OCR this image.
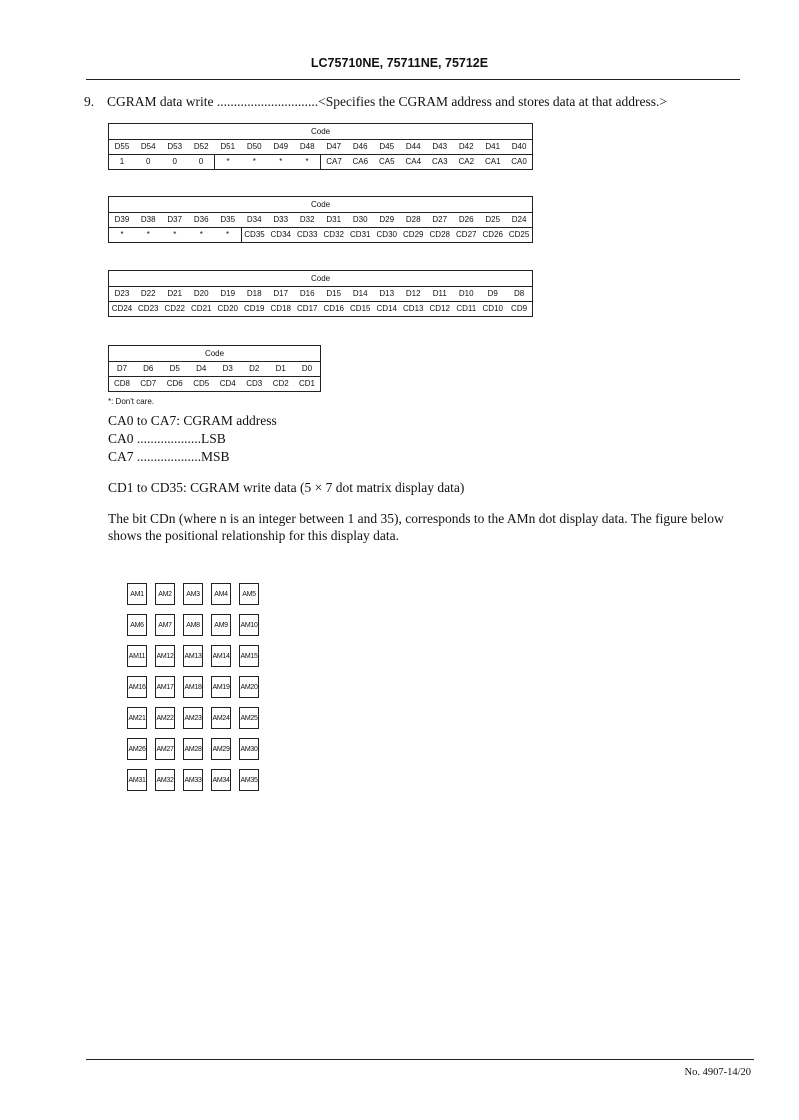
LC75710NE, 75711NE, 75712E
9. CGRAM data write ..............................<Specifies the CGRAM address and stores data at that address.>
Code															
D55	D54	D53	D52	D51	D50	D49	D48	D47	D46	D45	D44	D43	D42	D41	D40
1	0	0	0	*	*	*	*	CA7	CA6	CA5	CA4	CA3	CA2	CA1	CA0
Code															
D39	D38	D37	D36	D35	D34	D33	D32	D31	D30	D29	D28	D27	D26	D25	D24
*	*	*	*	*	CD35	CD34	CD33	CD32	CD31	CD30	CD29	CD28	CD27	CD26	CD25
Code															
D23	D22	D21	D20	D19	D18	D17	D16	D15	D14	D13	D12	D11	D10	D9	D8
CD24	CD23	CD22	CD21	CD20	CD19	CD18	CD17	CD16	CD15	CD14	CD13	CD12	CD11	CD10	CD9
Code							
D7	D6	D5	D4	D3	D2	D1	D0
CD8	CD7	CD6	CD5	CD4	CD3	CD2	CD1
*: Don't care.
CA0 to CA7: CGRAM address
CA0 ...................LSB
CA7 ...................MSB
CD1 to CD35: CGRAM write data (5 × 7 dot matrix display data)
The bit CDn (where n is an integer between 1 and 35), corresponds to the AMn dot display data. The figure below
shows the positional relationship for this display data.
AM1	AM2	AM3	AM4	AM5
AM6	AM7	AM8	AM9	AM10
AM11 AM12 AM13 AM14 AM15
AM16 AM17 AM18 AM19 AM20
AM21 AM22 AM23 AM24 AM25
AM26 AM27 AM28 AM29 AM30
AM31 AM32 AM33 AM34 AM35
No. 4907-14/20
